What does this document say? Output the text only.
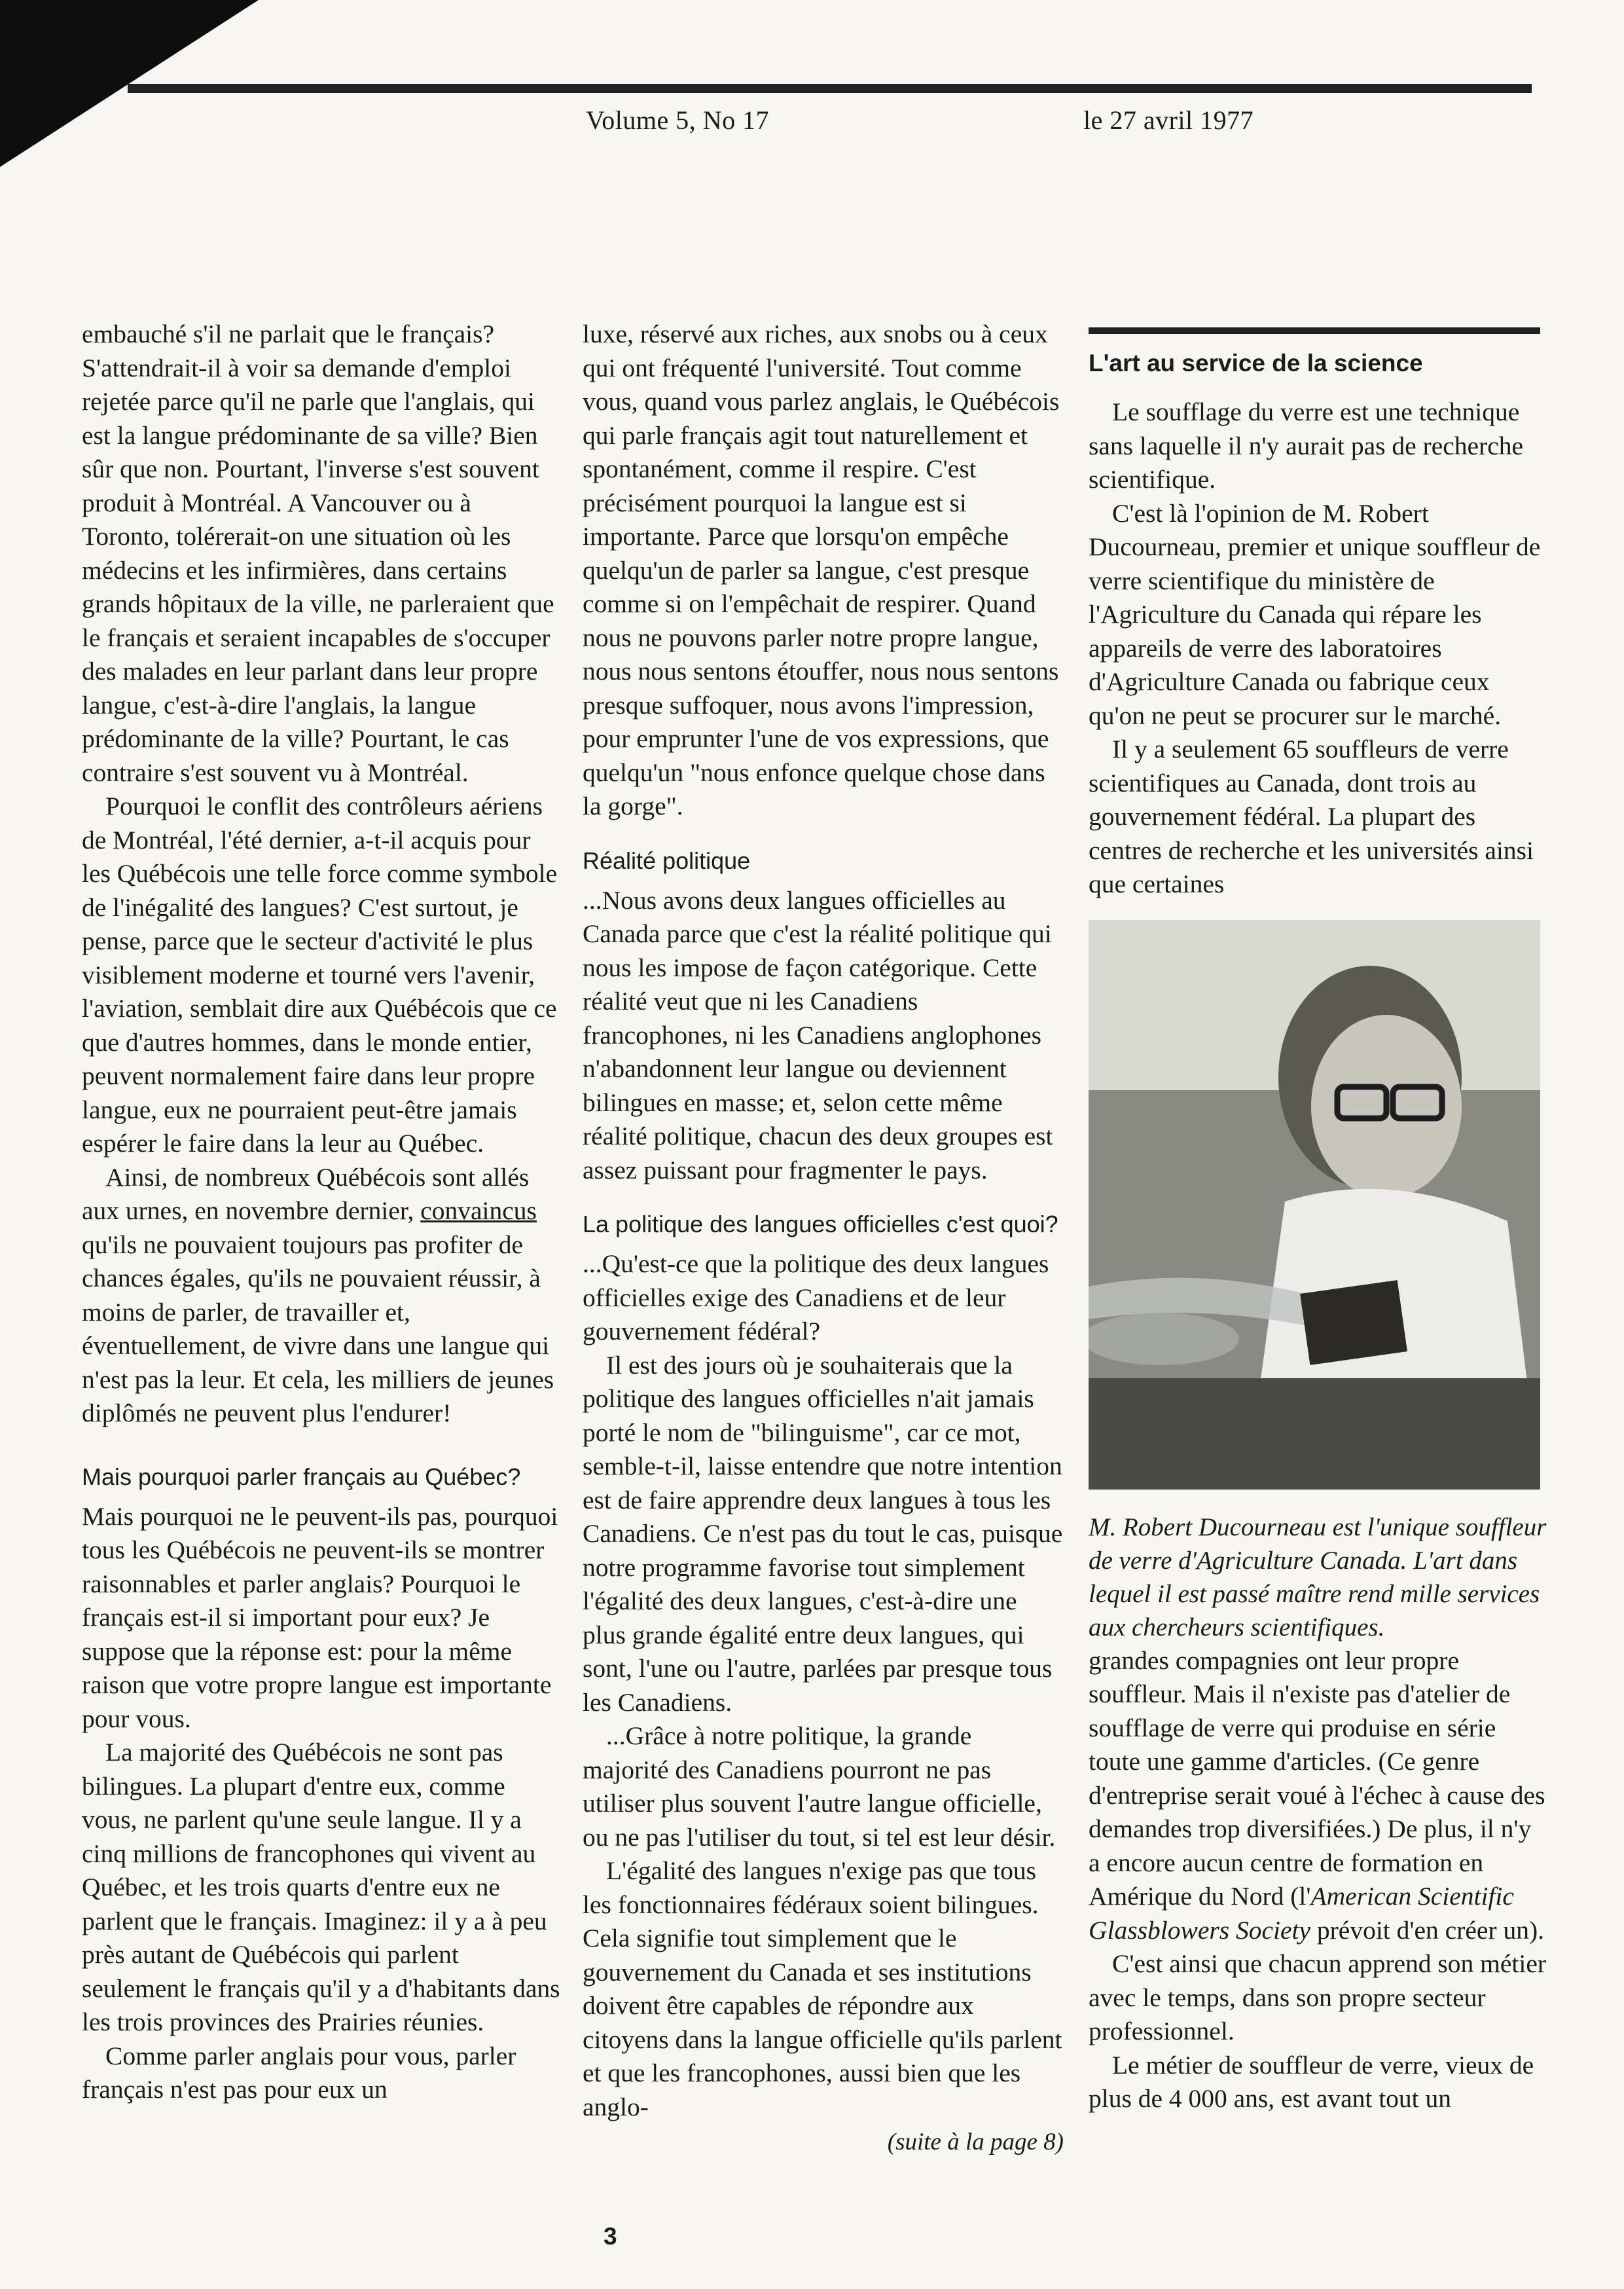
Volume 5, No 17	le 27 avril 1977

embauché s'il ne parlait que le français? S'attendrait-il à voir sa demande d'emploi rejetée parce qu'il ne parle que l'anglais, qui est la langue prédominante de sa ville? Bien sûr que non. Pourtant, l'inverse s'est souvent produit à Montréal. A Vancouver ou à Toronto, tolérerait-on une situation où les médecins et les infirmières, dans certains grands hôpitaux de la ville, ne parleraient que le français et seraient incapables de s'occuper des malades en leur parlant dans leur propre langue, c'est-à-dire l'anglais, la langue prédominante de la ville? Pourtant, le cas contraire s'est souvent vu à Montréal.

Pourquoi le conflit des contrôleurs aériens de Montréal, l'été dernier, a-t-il acquis pour les Québécois une telle force comme symbole de l'inégalité des langues? C'est surtout, je pense, parce que le secteur d'activité le plus visiblement moderne et tourné vers l'avenir, l'aviation, semblait dire aux Québécois que ce que d'autres hommes, dans le monde entier, peuvent normalement faire dans leur propre langue, eux ne pourraient peut-être jamais espérer le faire dans la leur au Québec.

Ainsi, de nombreux Québécois sont allés aux urnes, en novembre dernier, convaincus qu'ils ne pouvaient toujours pas profiter de chances égales, qu'ils ne pouvaient réussir, à moins de parler, de travailler et, éventuellement, de vivre dans une langue qui n'est pas la leur. Et cela, les milliers de jeunes diplômés ne peuvent plus l'endurer!

Mais pourquoi parler français au Québec?

Mais pourquoi ne le peuvent-ils pas, pourquoi tous les Québécois ne peuvent-ils se montrer raisonnables et parler anglais? Pourquoi le français est-il si important pour eux? Je suppose que la réponse est: pour la même raison que votre propre langue est importante pour vous.

La majorité des Québécois ne sont pas bilingues. La plupart d'entre eux, comme vous, ne parlent qu'une seule langue. Il y a cinq millions de francophones qui vivent au Québec, et les trois quarts d'entre eux ne parlent que le français. Imaginez: il y a à peu près autant de Québécois qui parlent seulement le français qu'il y a d'habitants dans les trois provinces des Prairies réunies.

Comme parler anglais pour vous, parler français n'est pas pour eux un

luxe, réservé aux riches, aux snobs ou à ceux qui ont fréquenté l'université. Tout comme vous, quand vous parlez anglais, le Québécois qui parle français agit tout naturellement et spontanément, comme il respire. C'est précisément pourquoi la langue est si importante. Parce que lorsqu'on empêche quelqu'un de parler sa langue, c'est presque comme si on l'empêchait de respirer. Quand nous ne pouvons parler notre propre langue, nous nous sentons étouffer, nous nous sentons presque suffoquer, nous avons l'impression, pour emprunter l'une de vos expressions, que quelqu'un "nous enfonce quelque chose dans la gorge".

Réalité politique

...Nous avons deux langues officielles au Canada parce que c'est la réalité politique qui nous les impose de façon catégorique. Cette réalité veut que ni les Canadiens francophones, ni les Canadiens anglophones n'abandonnent leur langue ou deviennent bilingues en masse; et, selon cette même réalité politique, chacun des deux groupes est assez puissant pour fragmenter le pays.

La politique des langues officielles c'est quoi?

...Qu'est-ce que la politique des deux langues officielles exige des Canadiens et de leur gouvernement fédéral?

Il est des jours où je souhaiterais que la politique des langues officielles n'ait jamais porté le nom de "bilinguisme", car ce mot, semble-t-il, laisse entendre que notre intention est de faire apprendre deux langues à tous les Canadiens. Ce n'est pas du tout le cas, puisque notre programme favorise tout simplement l'égalité des deux langues, c'est-à-dire une plus grande égalité entre deux langues, qui sont, l'une ou l'autre, parlées par presque tous les Canadiens.

...Grâce à notre politique, la grande majorité des Canadiens pourront ne pas utiliser plus souvent l'autre langue officielle, ou ne pas l'utiliser du tout, si tel est leur désir.

L'égalité des langues n'exige pas que tous les fonctionnaires fédéraux soient bilingues. Cela signifie tout simplement que le gouvernement du Canada et ses institutions doivent être capables de répondre aux citoyens dans la langue officielle qu'ils parlent et que les francophones, aussi bien que les anglo-

(suite à la page 8)
L'art au service de la science

Le soufflage du verre est une technique sans laquelle il n'y aurait pas de recherche scientifique.

C'est là l'opinion de M. Robert Ducourneau, premier et unique souffleur de verre scientifique du ministère de l'Agriculture du Canada qui répare les appareils de verre des laboratoires d'Agriculture Canada ou fabrique ceux qu'on ne peut se procurer sur le marché.

Il y a seulement 65 souffleurs de verre scientifiques au Canada, dont trois au gouvernement fédéral. La plupart des centres de recherche et les universités ainsi que certaines

M. Robert Ducourneau est l'unique souffleur de verre d'Agriculture Canada. L'art dans lequel il est passé maître rend mille services aux chercheurs scientifiques.

grandes compagnies ont leur propre souffleur. Mais il n'existe pas d'atelier de soufflage de verre qui produise en série toute une gamme d'articles. (Ce genre d'entreprise serait voué à l'échec à cause des demandes trop diversifiées.) De plus, il n'y a encore aucun centre de formation en Amérique du Nord (l'American Scientific Glassblowers Society prévoit d'en créer un).

C'est ainsi que chacun apprend son métier avec le temps, dans son propre secteur professionnel.

Le métier de souffleur de verre, vieux de plus de 4 000 ans, est avant tout un

3
